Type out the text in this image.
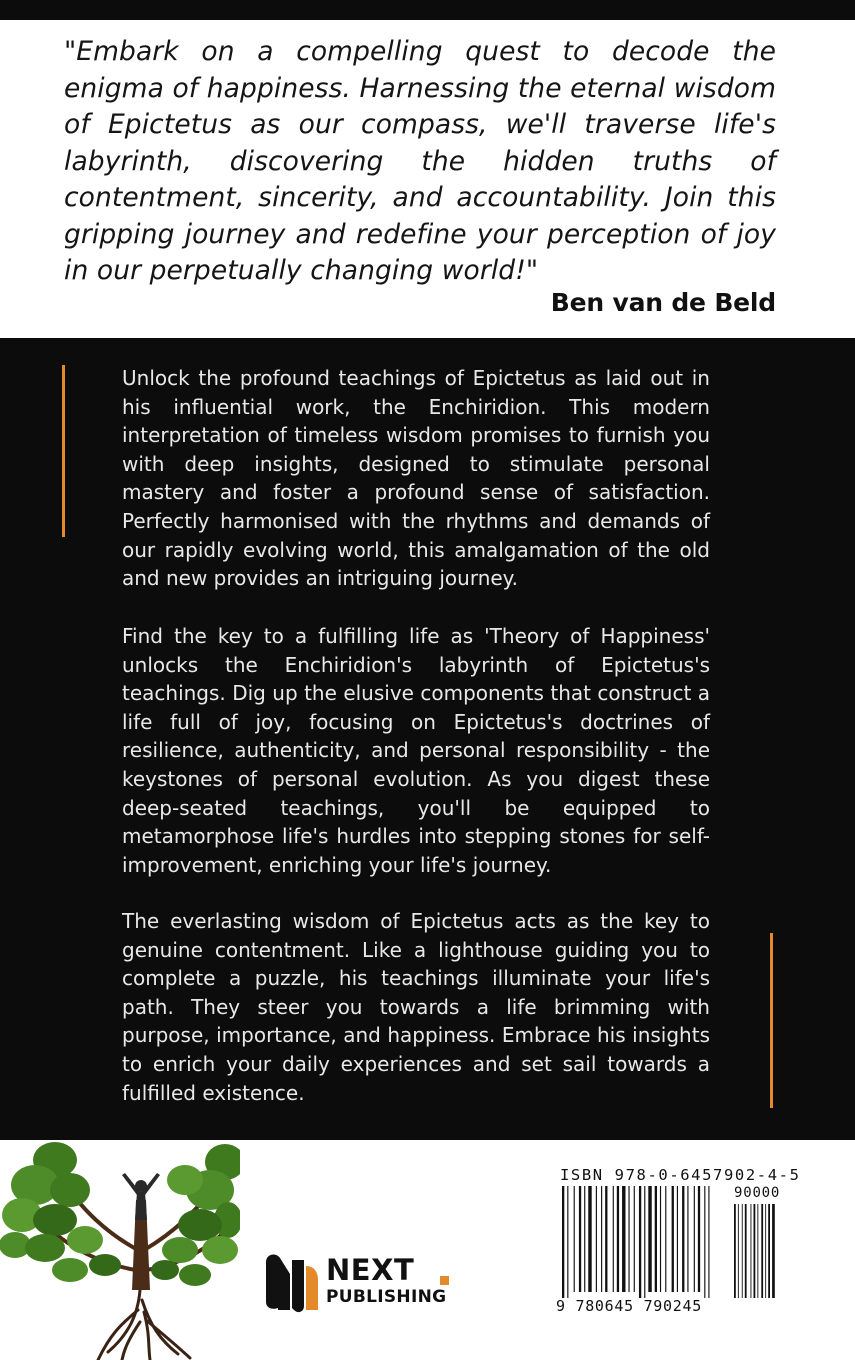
"Embark on a compelling quest to decode the enigma of happiness. Harnessing the eternal wisdom of Epictetus as our compass, we'll traverse life's labyrinth, discovering the hidden truths of contentment, sincerity, and accountability. Join this gripping journey and redefine your perception of joy in our perpetually changing world!"

Ben van de Beld

Unlock the profound teachings of Epictetus as laid out in his influential work, the Enchiridion. This modern interpretation of timeless wisdom promises to furnish you with deep insights, designed to stimulate personal mastery and foster a profound sense of satisfaction. Perfectly harmonised with the rhythms and demands of our rapidly evolving world, this amalgamation of the old and new provides an intriguing journey.

Find the key to a fulfilling life as 'Theory of Happiness' unlocks the Enchiridion's labyrinth of Epictetus's teachings. Dig up the elusive components that construct a life full of joy, focusing on Epictetus's doctrines of resilience, authenticity, and personal responsibility - the keystones of personal evolution. As you digest these deep-seated teachings, you'll be equipped to metamorphose life's hurdles into stepping stones for self-improvement, enriching your life's journey.

The everlasting wisdom of Epictetus acts as the key to genuine contentment. Like a lighthouse guiding you to complete a puzzle, his teachings illuminate your life's path. They steer you towards a life brimming with purpose, importance, and happiness. Embrace his insights to enrich your daily experiences and set sail towards a fulfilled existence.

NEXT
PUBLISHING
ISBN 978-0-6457902-4-5
90000
9 780645 790245
